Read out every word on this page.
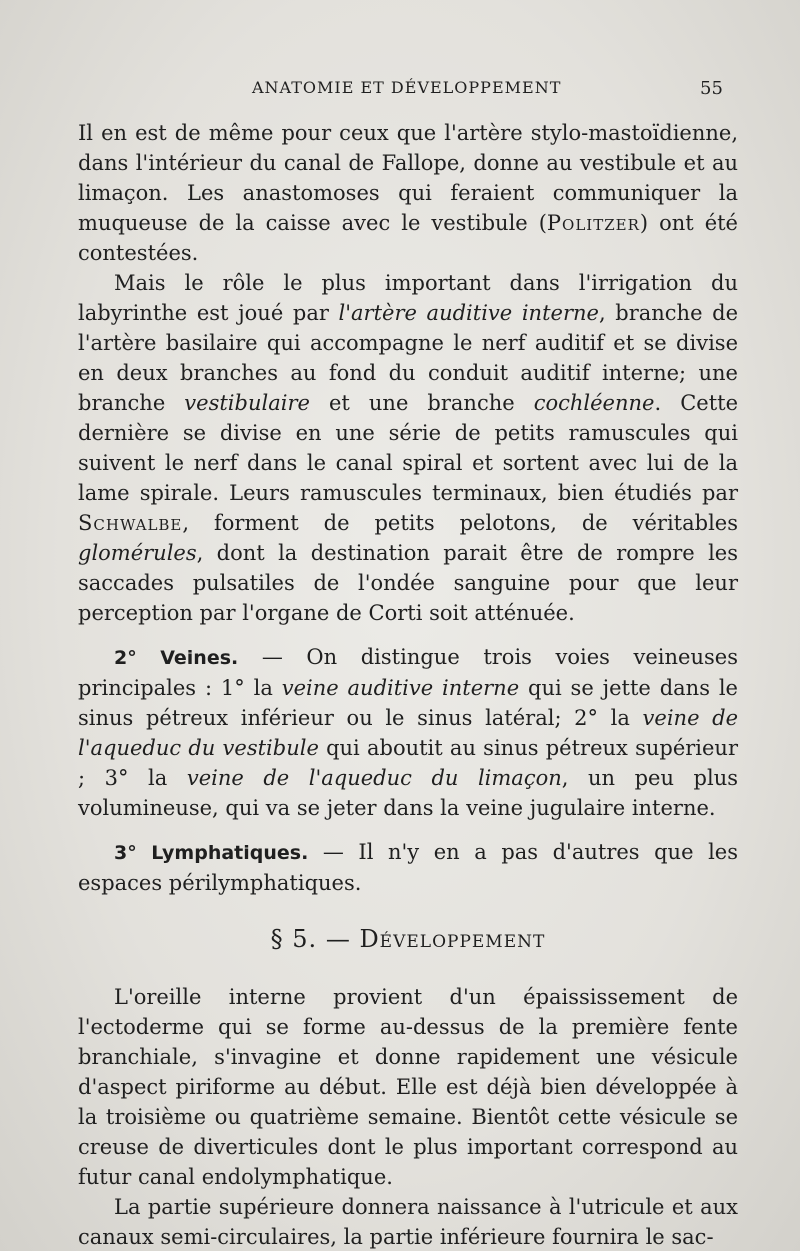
ANATOMIE ET DÉVELOPPEMENT	55

Il en est de même pour ceux que l'artère stylo-mastoïdienne, dans l'intérieur du canal de Fallope, donne au vestibule et au limaçon. Les anastomoses qui feraient communiquer la muqueuse de la caisse avec le vestibule (Politzer) ont été contestées.

Mais le rôle le plus important dans l'irrigation du labyrinthe est joué par l'artère auditive interne, branche de l'artère basilaire qui accompagne le nerf auditif et se divise en deux branches au fond du conduit auditif interne; une branche vestibulaire et une branche cochléenne. Cette dernière se divise en une série de petits ramuscules qui suivent le nerf dans le canal spiral et sortent avec lui de la lame spirale. Leurs ramuscules terminaux, bien étudiés par Schwalbe, forment de petits pelotons, de véritables glomérules, dont la destination parait être de rompre les saccades pulsatiles de l'ondée sanguine pour que leur perception par l'organe de Corti soit atténuée.

2° Veines. — On distingue trois voies veineuses principales : 1° la veine auditive interne qui se jette dans le sinus pétreux inférieur ou le sinus latéral; 2° la veine de l'aqueduc du vestibule qui aboutit au sinus pétreux supérieur ; 3° la veine de l'aqueduc du limaçon, un peu plus volumineuse, qui va se jeter dans la veine jugulaire interne.

3° Lymphatiques. — Il n'y en a pas d'autres que les espaces périlymphatiques.

§ 5. — Développement

L'oreille interne provient d'un épaississement de l'ectoderme qui se forme au-dessus de la première fente branchiale, s'invagine et donne rapidement une vésicule d'aspect piriforme au début. Elle est déjà bien développée à la troisième ou quatrième semaine. Bientôt cette vésicule se creuse de diverticules dont le plus important correspond au futur canal endolymphatique.

La partie supérieure donnera naissance à l'utricule et aux canaux semi-circulaires, la partie inférieure fournira le sac-
